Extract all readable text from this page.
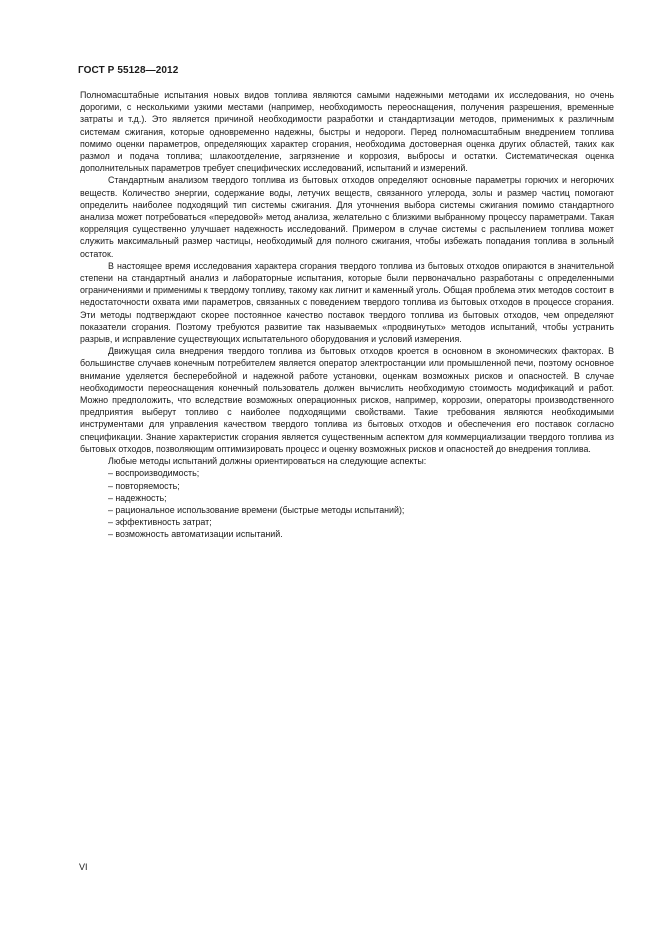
ГОСТ Р 55128—2012

Полномасштабные испытания новых видов топлива являются самыми надежными методами их исследования, но очень дорогими, с несколькими узкими местами (например, необходимость переоснащения, получения разрешения, временные затраты и т.д.). Это является причиной необходимости разработки и стандартизации методов, применимых к различным системам сжигания, которые одновременно надежны, быстры и недороги. Перед полномасштабным внедрением топлива помимо оценки параметров, определяющих характер сгорания, необходима достоверная оценка других областей, таких как размол и подача топлива; шлакоотделение, загрязнение и коррозия, выбросы и остатки. Систематическая оценка дополнительных параметров требует специфических исследований, испытаний и измерений.

Стандартным анализом твердого топлива из бытовых отходов определяют основные параметры горючих и негорючих веществ. Количество энергии, содержание воды, летучих веществ, связанного углерода, золы и размер частиц помогают определить наиболее подходящий тип системы сжигания. Для уточнения выбора системы сжигания помимо стандартного анализа может потребоваться «передовой» метод анализа, желательно с близкими выбранному процессу параметрами. Такая корреляция существенно улучшает надежность исследований. Примером в случае системы с распылением топлива может служить максимальный размер частицы, необходимый для полного сжигания, чтобы избежать попадания топлива в зольный остаток.

В настоящее время исследования характера сгорания твердого топлива из бытовых отходов опираются в значительной степени на стандартный анализ и лабораторные испытания, которые были первоначально разработаны с определенными ограничениями и применимы к твердому топливу, такому как лигнит и каменный уголь. Общая проблема этих методов состоит в недостаточности охвата ими параметров, связанных с поведением твердого топлива из бытовых отходов в процессе сгорания. Эти методы подтверждают скорее постоянное качество поставок твердого топлива из бытовых отходов, чем определяют показатели сгорания. Поэтому требуются развитие так называемых «продвинутых» методов испытаний, чтобы устранить разрыв, и исправление существующих испытательного оборудования и условий измерения.

Движущая сила внедрения твердого топлива из бытовых отходов кроется в основном в экономических факторах. В большинстве случаев конечным потребителем является оператор электростанции или промышленной печи, поэтому основное внимание уделяется бесперебойной и надежной работе установки, оценкам возможных рисков и опасностей. В случае необходимости переоснащения конечный пользователь должен вычислить необходимую стоимость модификаций и работ. Можно предположить, что вследствие возможных операционных рисков, например, коррозии, операторы производственного предприятия выберут топливо с наиболее подходящими свойствами. Такие требования являются необходимыми инструментами для управления качеством твердого топлива из бытовых отходов и обеспечения его поставок согласно спецификации. Знание характеристик сгорания является существенным аспектом для коммерциализации твердого топлива из бытовых отходов, позволяющим оптимизировать процесс и оценку возможных рисков и опасностей до внедрения топлива.

Любые методы испытаний должны ориентироваться на следующие аспекты:

– воспроизводимость;
– повторяемость;
– надежность;
– рациональное использование времени (быстрые методы испытаний);
– эффективность затрат;
– возможность автоматизации испытаний.
VI
